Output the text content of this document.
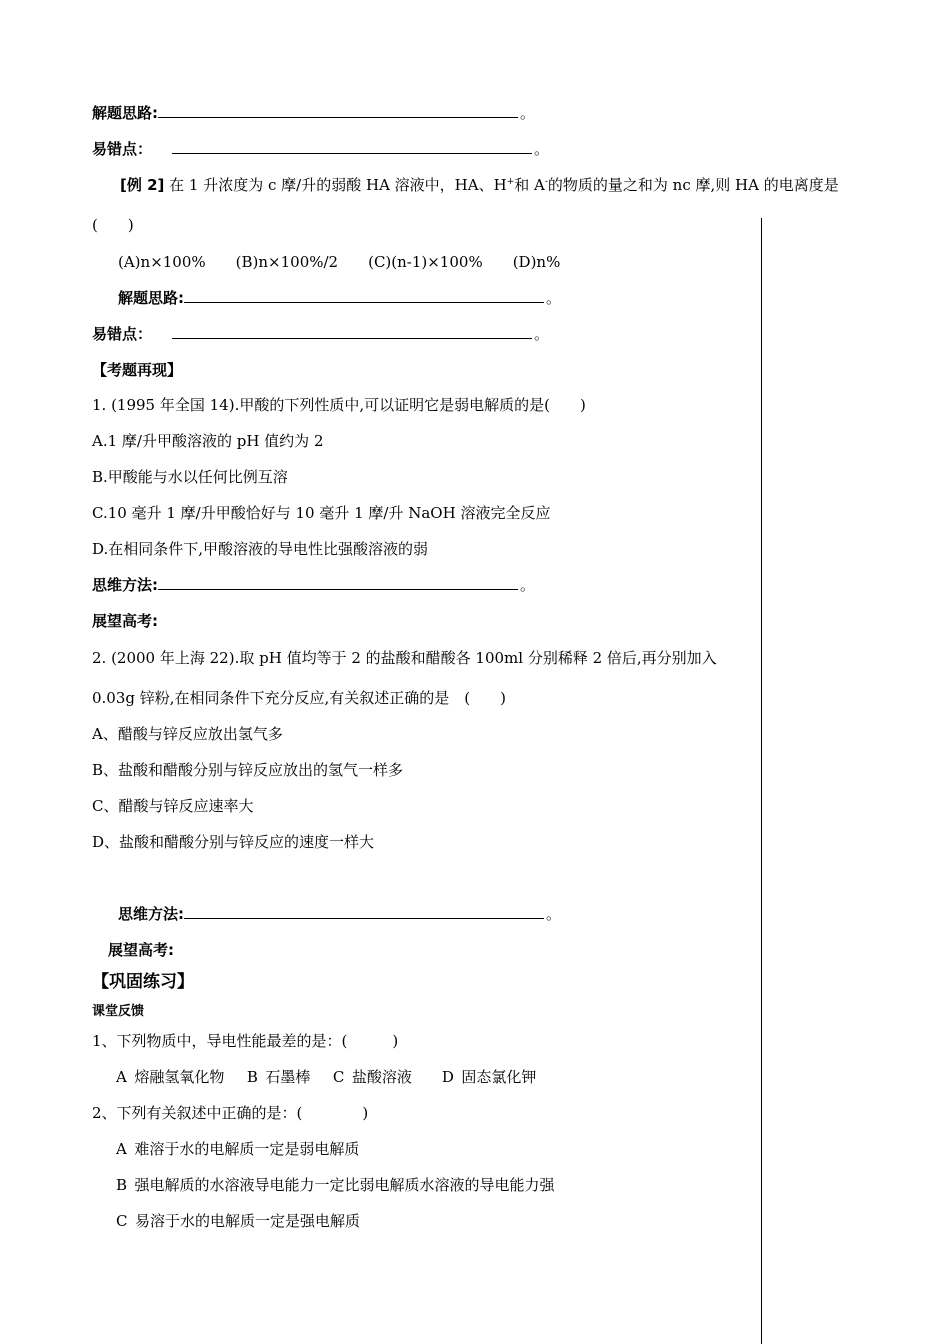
解题思路:	。
易错点：	。
[例 2] 在 1 升浓度为 c 摩/升的弱酸 HA 溶液中，HA、H+和 A-的物质的量之和为 nc 摩,则 HA 的电离度是
(　　)
(A)n×100%　　(B)n×100%/2　　(C)(n-1)×100%　　(D)n%
解题思路:	。
易错点：	。
【考题再现】
1. (1995 年全国 14).甲酸的下列性质中,可以证明它是弱电解质的是(　　)
A.1 摩/升甲酸溶液的 pH 值约为 2
B.甲酸能与水以任何比例互溶
C.10 毫升 1 摩/升甲酸恰好与 10 毫升 1 摩/升 NaOH 溶液完全反应
D.在相同条件下,甲酸溶液的导电性比强酸溶液的弱
思维方法:	。
展望高考:
2. (2000 年上海 22).取 pH 值均等于 2 的盐酸和醋酸各 100ml 分别稀释 2 倍后,再分别加入
0.03g 锌粉,在相同条件下充分反应,有关叙述正确的是　(　　)
A、醋酸与锌反应放出氢气多
B、盐酸和醋酸分别与锌反应放出的氢气一样多
C、醋酸与锌反应速率大
D、盐酸和醋酸分别与锌反应的速度一样大
思维方法:	。
展望高考:
【巩固练习】
课堂反馈
1、下列物质中，导电性能最差的是：(　　　)
A 熔融氢氧化物　 B 石墨棒　 C 盐酸溶液　　D 固态氯化钾
2、下列有关叙述中正确的是：(　　　　)
A 难溶于水的电解质一定是弱电解质
B 强电解质的水溶液导电能力一定比弱电解质水溶液的导电能力强
C 易溶于水的电解质一定是强电解质
